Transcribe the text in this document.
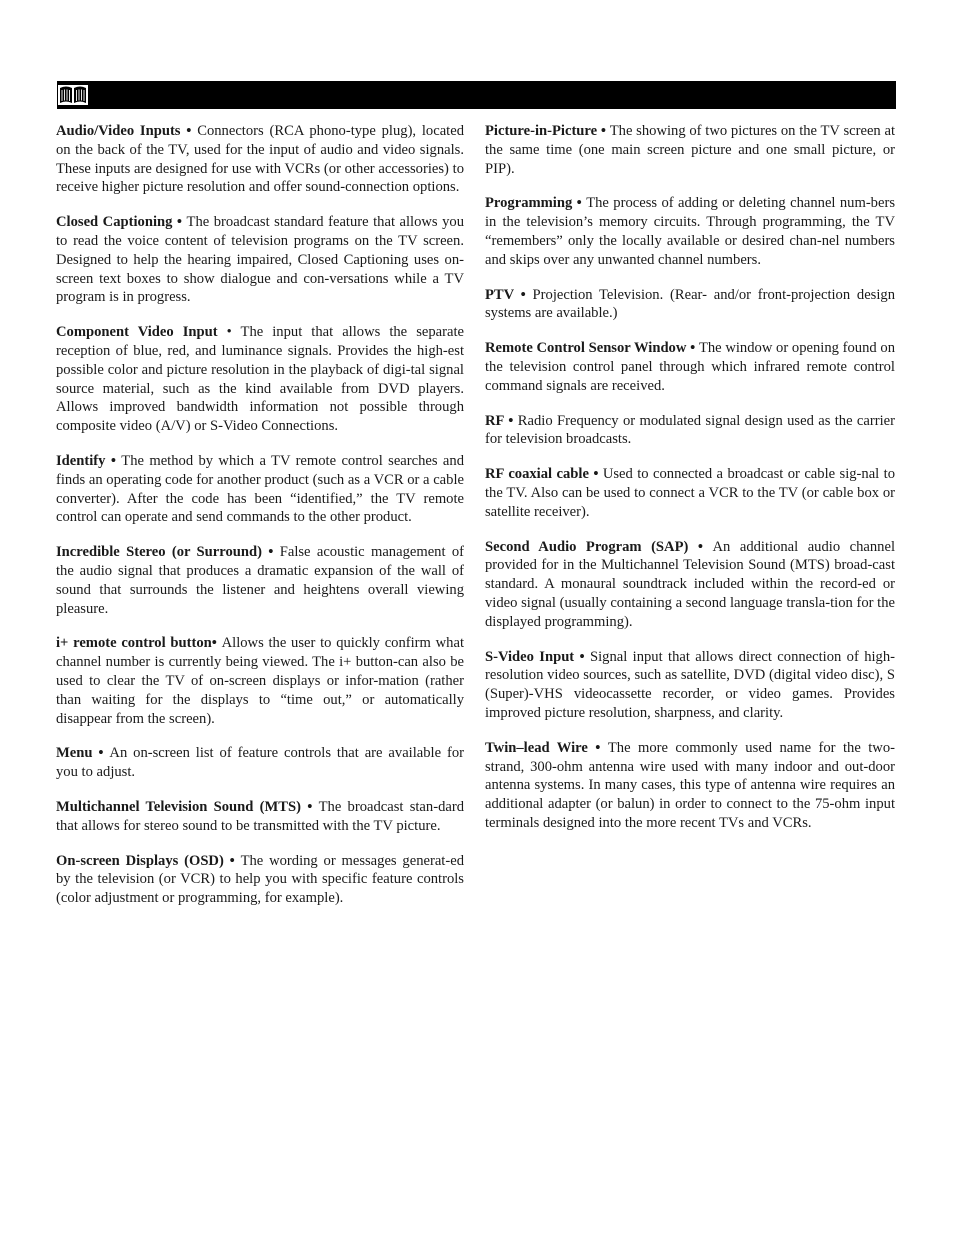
Audio/Video Inputs • Connectors (RCA phono-type plug), located on the back of the TV, used for the input of audio and video signals. These inputs are designed for use with VCRs (or other accessories) to receive higher picture resolution and offer sound-connection options.

Closed Captioning • The broadcast standard feature that allows you to read the voice content of television programs on the TV screen. Designed to help the hearing impaired, Closed Captioning uses on-screen text boxes to show dialogue and con-versations while a TV program is in progress.

Component Video Input • The input that allows the separate reception of blue, red, and luminance signals. Provides the high-est possible color and picture resolution in the playback of digi-tal signal source material, such as the kind available from DVD players. Allows improved bandwidth information not possible through composite video (A/V) or S-Video Connections.

Identify • The method by which a TV remote control searches and finds an operating code for another product (such as a VCR or a cable converter). After the code has been “identified,” the TV remote control can operate and send commands to the other product.

Incredible Stereo (or Surround) • False acoustic management of the audio signal that produces a dramatic expansion of the wall of sound that surrounds the listener and heightens overall viewing pleasure.

i+ remote control button• Allows the user to quickly confirm what channel number is currently being viewed. The i+ button-can also be used to clear the TV of on-screen displays or infor-mation (rather than waiting for the displays to “time out,” or automatically disappear from the screen).

Menu • An on-screen list of feature controls that are available for you to adjust.

Multichannel Television Sound (MTS) • The broadcast stan-dard that allows for stereo sound to be transmitted with the TV picture.

On-screen Displays (OSD) • The wording or messages generat-ed by the television (or VCR) to help you with specific feature controls (color adjustment or programming, for example).

Picture-in-Picture • The showing of two pictures on the TV screen at the same time (one main screen picture and one small picture, or PIP).

Programming • The process of adding or deleting channel num-bers in the television’s memory circuits. Through programming, the TV “remembers” only the locally available or desired chan-nel numbers and skips over any unwanted channel numbers.

PTV • Projection Television. (Rear- and/or front-projection design systems are available.)

Remote Control Sensor Window • The window or opening found on the television control panel through which infrared remote control command signals are received.

RF • Radio Frequency or modulated signal design used as the carrier for television broadcasts.

RF coaxial cable • Used to connected a broadcast or cable sig-nal to the TV. Also can be used to connect a VCR to the TV (or cable box or satellite receiver).

Second Audio Program (SAP) • An additional audio channel provided for in the Multichannel Television Sound (MTS) broad-cast standard. A monaural soundtrack included within the record-ed or video signal (usually containing a second language transla-tion for the displayed programming).

S-Video Input • Signal input that allows direct connection of high-resolution video sources, such as satellite, DVD (digital video disc), S (Super)-VHS videocassette recorder, or video games. Provides improved picture resolution, sharpness, and clarity.

Twin–lead Wire • The more commonly used name for the two-strand, 300-ohm antenna wire used with many indoor and out-door antenna systems. In many cases, this type of antenna wire requires an additional adapter (or balun) in order to connect to the 75-ohm input terminals designed into the more recent TVs and VCRs.
